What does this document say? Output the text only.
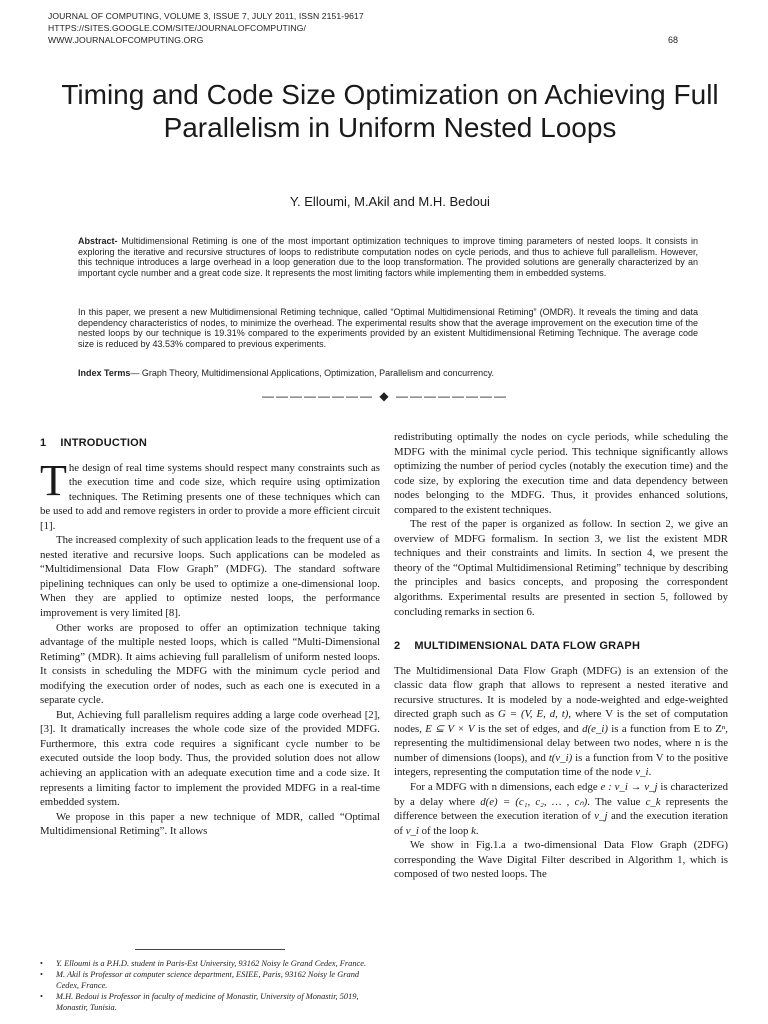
JOURNAL OF COMPUTING, VOLUME 3, ISSUE 7, JULY 2011, ISSN 2151-9617
HTTPS://SITES.GOOGLE.COM/SITE/JOURNALOFCOMPUTING/
WWW.JOURNALOFCOMPUTING.ORG	68
Timing and Code Size Optimization on Achieving Full Parallelism in Uniform Nested Loops
Y. Elloumi, M.Akil and M.H. Bedoui

Abstract- Multidimensional Retiming is one of the most important optimization techniques to improve timing parameters of nested loops. It consists in exploring the iterative and recursive structures of loops to redistribute computation nodes on cycle periods, and thus to achieve full parallelism. However, this technique introduces a large overhead in a loop generation due to the loop transformation. The provided solutions are generally characterized by an important cycle number and a great code size. It represents the most limiting factors while implementing them in embedded systems.

In this paper, we present a new Multidimensional Retiming technique, called “Optimal Multidimensional Retiming” (OMDR). It reveals the timing and data dependency characteristics of nodes, to minimize the overhead. The experimental results show that the average improvement on the execution time of the nested loops by our technique is 19.31% compared to the experiments provided by an existent Multidimensional Retiming Technique. The average code size is reduced by 43.53% compared to previous experiments.

Index Terms— Graph Theory, Multidimensional Applications, Optimization, Parallelism and concurrency.

———————— ◆ ————————
1 INTRODUCTION

The design of real time systems should respect many constraints such as the execution time and code size, which require using optimization techniques. The Retiming presents one of these techniques which can be used to add and remove registers in order to provide a more efficient circuit [1].

The increased complexity of such application leads to the frequent use of a nested iterative and recursive loops. Such applications can be modeled as “Multidimensional Data Flow Graph” (MDFG). The standard software pipelining techniques can only be used to optimize a one-dimensional loop. When they are applied to optimize nested loops, the performance improvement is very limited [8].

Other works are proposed to offer an optimization technique taking advantage of the multiple nested loops, which is called “Multi-Dimensional Retiming” (MDR). It aims achieving full parallelism of uniform nested loops. It consists in scheduling the MDFG with the minimum cycle period and modifying the execution order of nodes, such as each one is executed in a separate cycle.

But, Achieving full parallelism requires adding a large code overhead [2],[3]. It dramatically increases the whole code size of the provided MDFG. Furthermore, this extra code requires a significant cycle number to be executed outside the loop body. Thus, the provided solution does not allow achieving an application with an adequate execution time and a code size. It represents a limiting factor to implement the provided MDFG in a real-time embedded system.

We propose in this paper a new technique of MDR, called “Optimal Multidimensional Retiming”. It allows

redistributing optimally the nodes on cycle periods, while scheduling the MDFG with the minimal cycle period. This technique significantly allows optimizing the number of period cycles (notably the execution time) and the code size, by exploring the execution time and data dependency between nodes belonging to the MDFG. Thus, it provides enhanced solutions, compared to the existent techniques.

The rest of the paper is organized as follow. In section 2, we give an overview of MDFG formalism. In section 3, we list the existent MDR techniques and their constraints and limits. In section 4, we present the theory of the “Optimal Multidimensional Retiming” technique by describing the principles and basics concepts, and proposing the correspondent algorithms. Experimental results are presented in section 5, followed by concluding remarks in section 6.

2 MULTIDIMENSIONAL DATA FLOW GRAPH

The Multidimensional Data Flow Graph (MDFG) is an extension of the classic data flow graph that allows to represent a nested iterative and recursive structures. It is modeled by a node-weighted and edge-weighted directed graph such as G = (V, E, d, t), where V is the set of computation nodes, E ⊆ V × V is the set of edges, and d(e_i) is a function from E to Zⁿ, representing the multidimensional delay between two nodes, where n is the number of dimensions (loops), and t(v_i) is a function from V to the positive integers, representing the computation time of the node v_i.

For a MDFG with n dimensions, each edge e : v_i → v_j is characterized by a delay where d(e) = (c₁, c₂, … , cₙ). The value c_k represents the difference between the execution iteration of v_j and the execution iteration of v_i of the loop k.

We show in Fig.1.a a two-dimensional Data Flow Graph (2DFG) corresponding the Wave Digital Filter described in Algorithm 1, which is composed of two nested loops. The

• Y. Elloumi is a P.H.D. student in Paris-Est University, 93162 Noisy le Grand Cedex, France.
• M. Akil is Professor at computer science department, ESIEE, Paris, 93162 Noisy le Grand Cedex, France.
• M.H. Bedoui is Professor in faculty of medicine of Monastir, University of Monastir, 5019, Monastir, Tunisia.
